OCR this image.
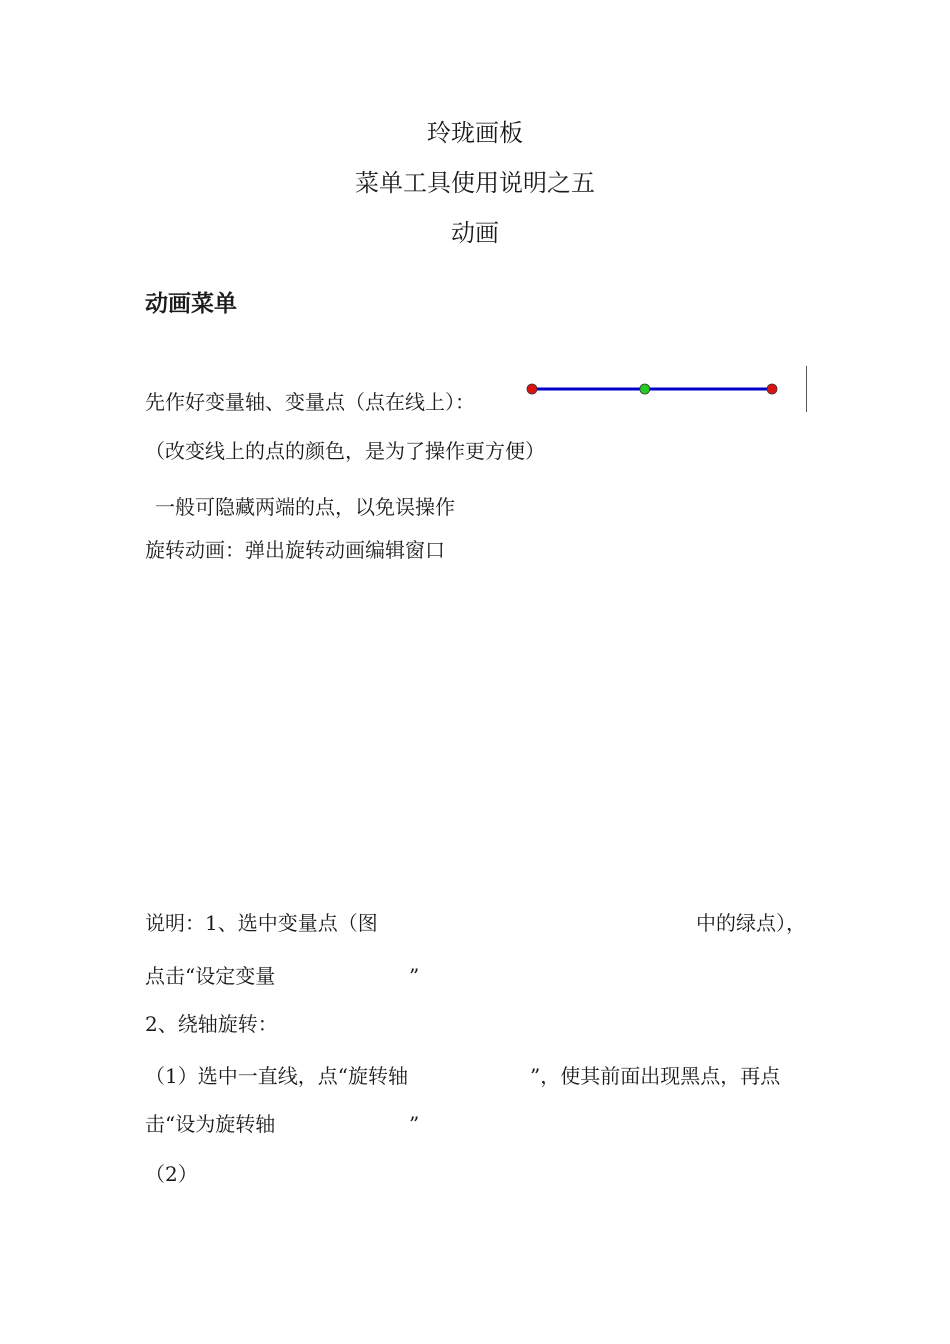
玲珑画板
菜单工具使用说明之五
动画
动画菜单
先作好变量轴、变量点（点在线上）：
（改变线上的点的颜色，是为了操作更方便）
一般可隐藏两端的点，以免误操作
旋转动画：弹出旋转动画编辑窗口
说明：1、选中变量点（图	中的绿点），
点击“设定变量	”
2、绕轴旋转：
（1）选中一直线，点“旋转轴	”，使其前面出现黑点，再点
击“设为旋转轴	”
（2）
